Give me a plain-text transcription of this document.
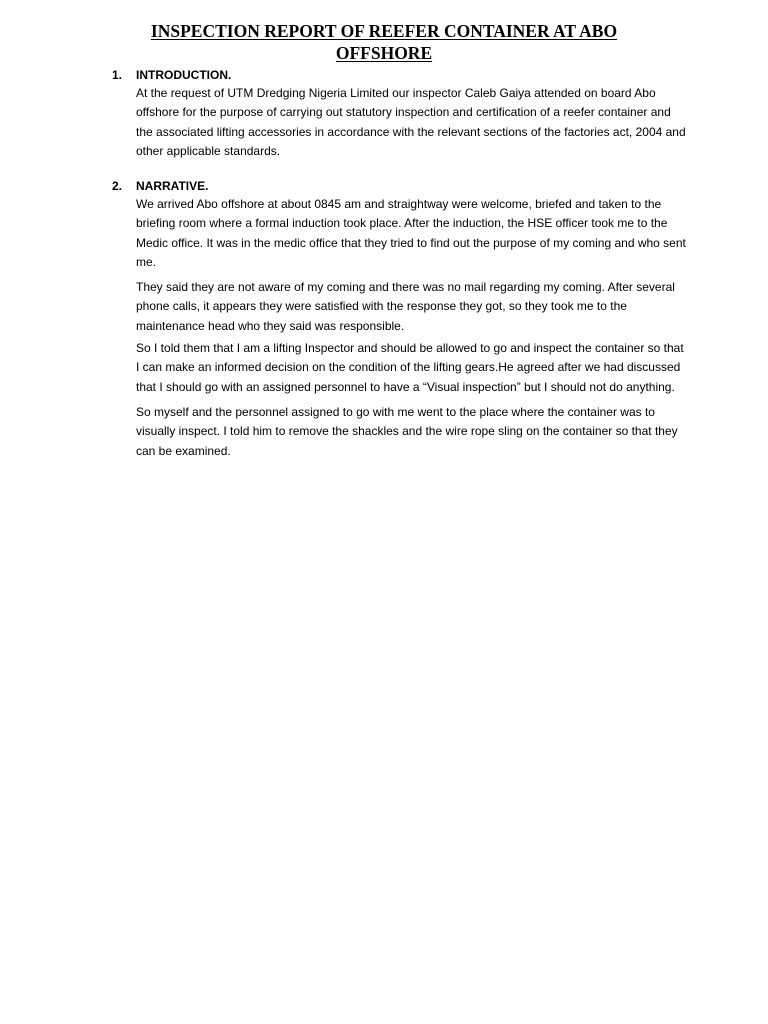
INSPECTION REPORT OF REEFER CONTAINER AT ABO OFFSHORE
1.	INTRODUCTION.

At the request of UTM Dredging Nigeria Limited our inspector Caleb Gaiya attended on board Abo offshore for the purpose of carrying out statutory inspection and certification of a reefer container and the associated lifting accessories in accordance with the relevant sections of the factories act, 2004 and other applicable standards.

2.	NARRATIVE.

We arrived Abo offshore at about 0845 am and straightway were welcome, briefed and taken to the briefing room where a formal induction took place. After the induction, the HSE officer took me to the Medic office. It was in the medic office that they tried to find out the purpose of my coming and who sent me.

They said they are not aware of my coming and there was no mail regarding my coming. After several phone calls, it appears they were satisfied with the response they got, so they took me to the maintenance head who they said was responsible.

So I told them that I am a lifting Inspector and should be allowed to go and inspect the container so that I can make an informed decision on the condition of the lifting gears.He agreed after we had discussed that I should go with an assigned personnel to have a “Visual inspection” but I should not do anything.

So myself and the personnel assigned to go with me went to the place where the container was to visually inspect. I told him to remove the shackles and the wire rope sling on the container so that they can be examined.
